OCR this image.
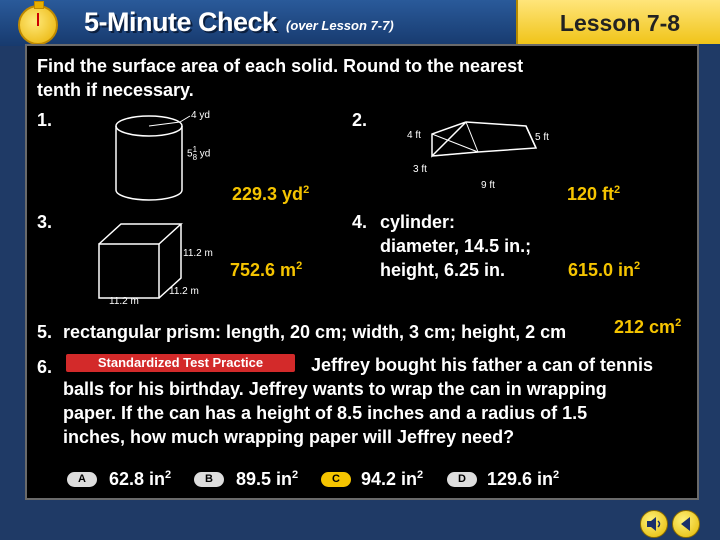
5-Minute Check (over Lesson 7-7)	Lesson 7-8
Find the surface area of each solid. Round to the nearest
tenth if necessary.
1.	4 yd
51
8 yd
229.3 $yd^2$
2.
4 ft	5 ft
3 ft
9 ft	120 $ft^2$
3.
11.2 m
11.2 m
11.2 m
752.6 $m^2$
4. cylinder:
diameter, 14.5 in.;
height, 6.25 in.	615.0 $in^2$
5. rectangular prism: length, 20 cm; width, 3 cm; height, 2 cm	212 $cm^2$
6.	Standardized Test Practice	Jeffrey bought his father a can of tennis
balls for his birthday. Jeffrey wants to wrap the can in wrapping
paper. If the can has a height of 8.5 inches and a radius of 1.5
inches, how much wrapping paper will Jeffrey need?
A	62.8 $in^2$	B	89.5 $in^2$	C	94.2 $in^2$	D	129.6 $in^2$
